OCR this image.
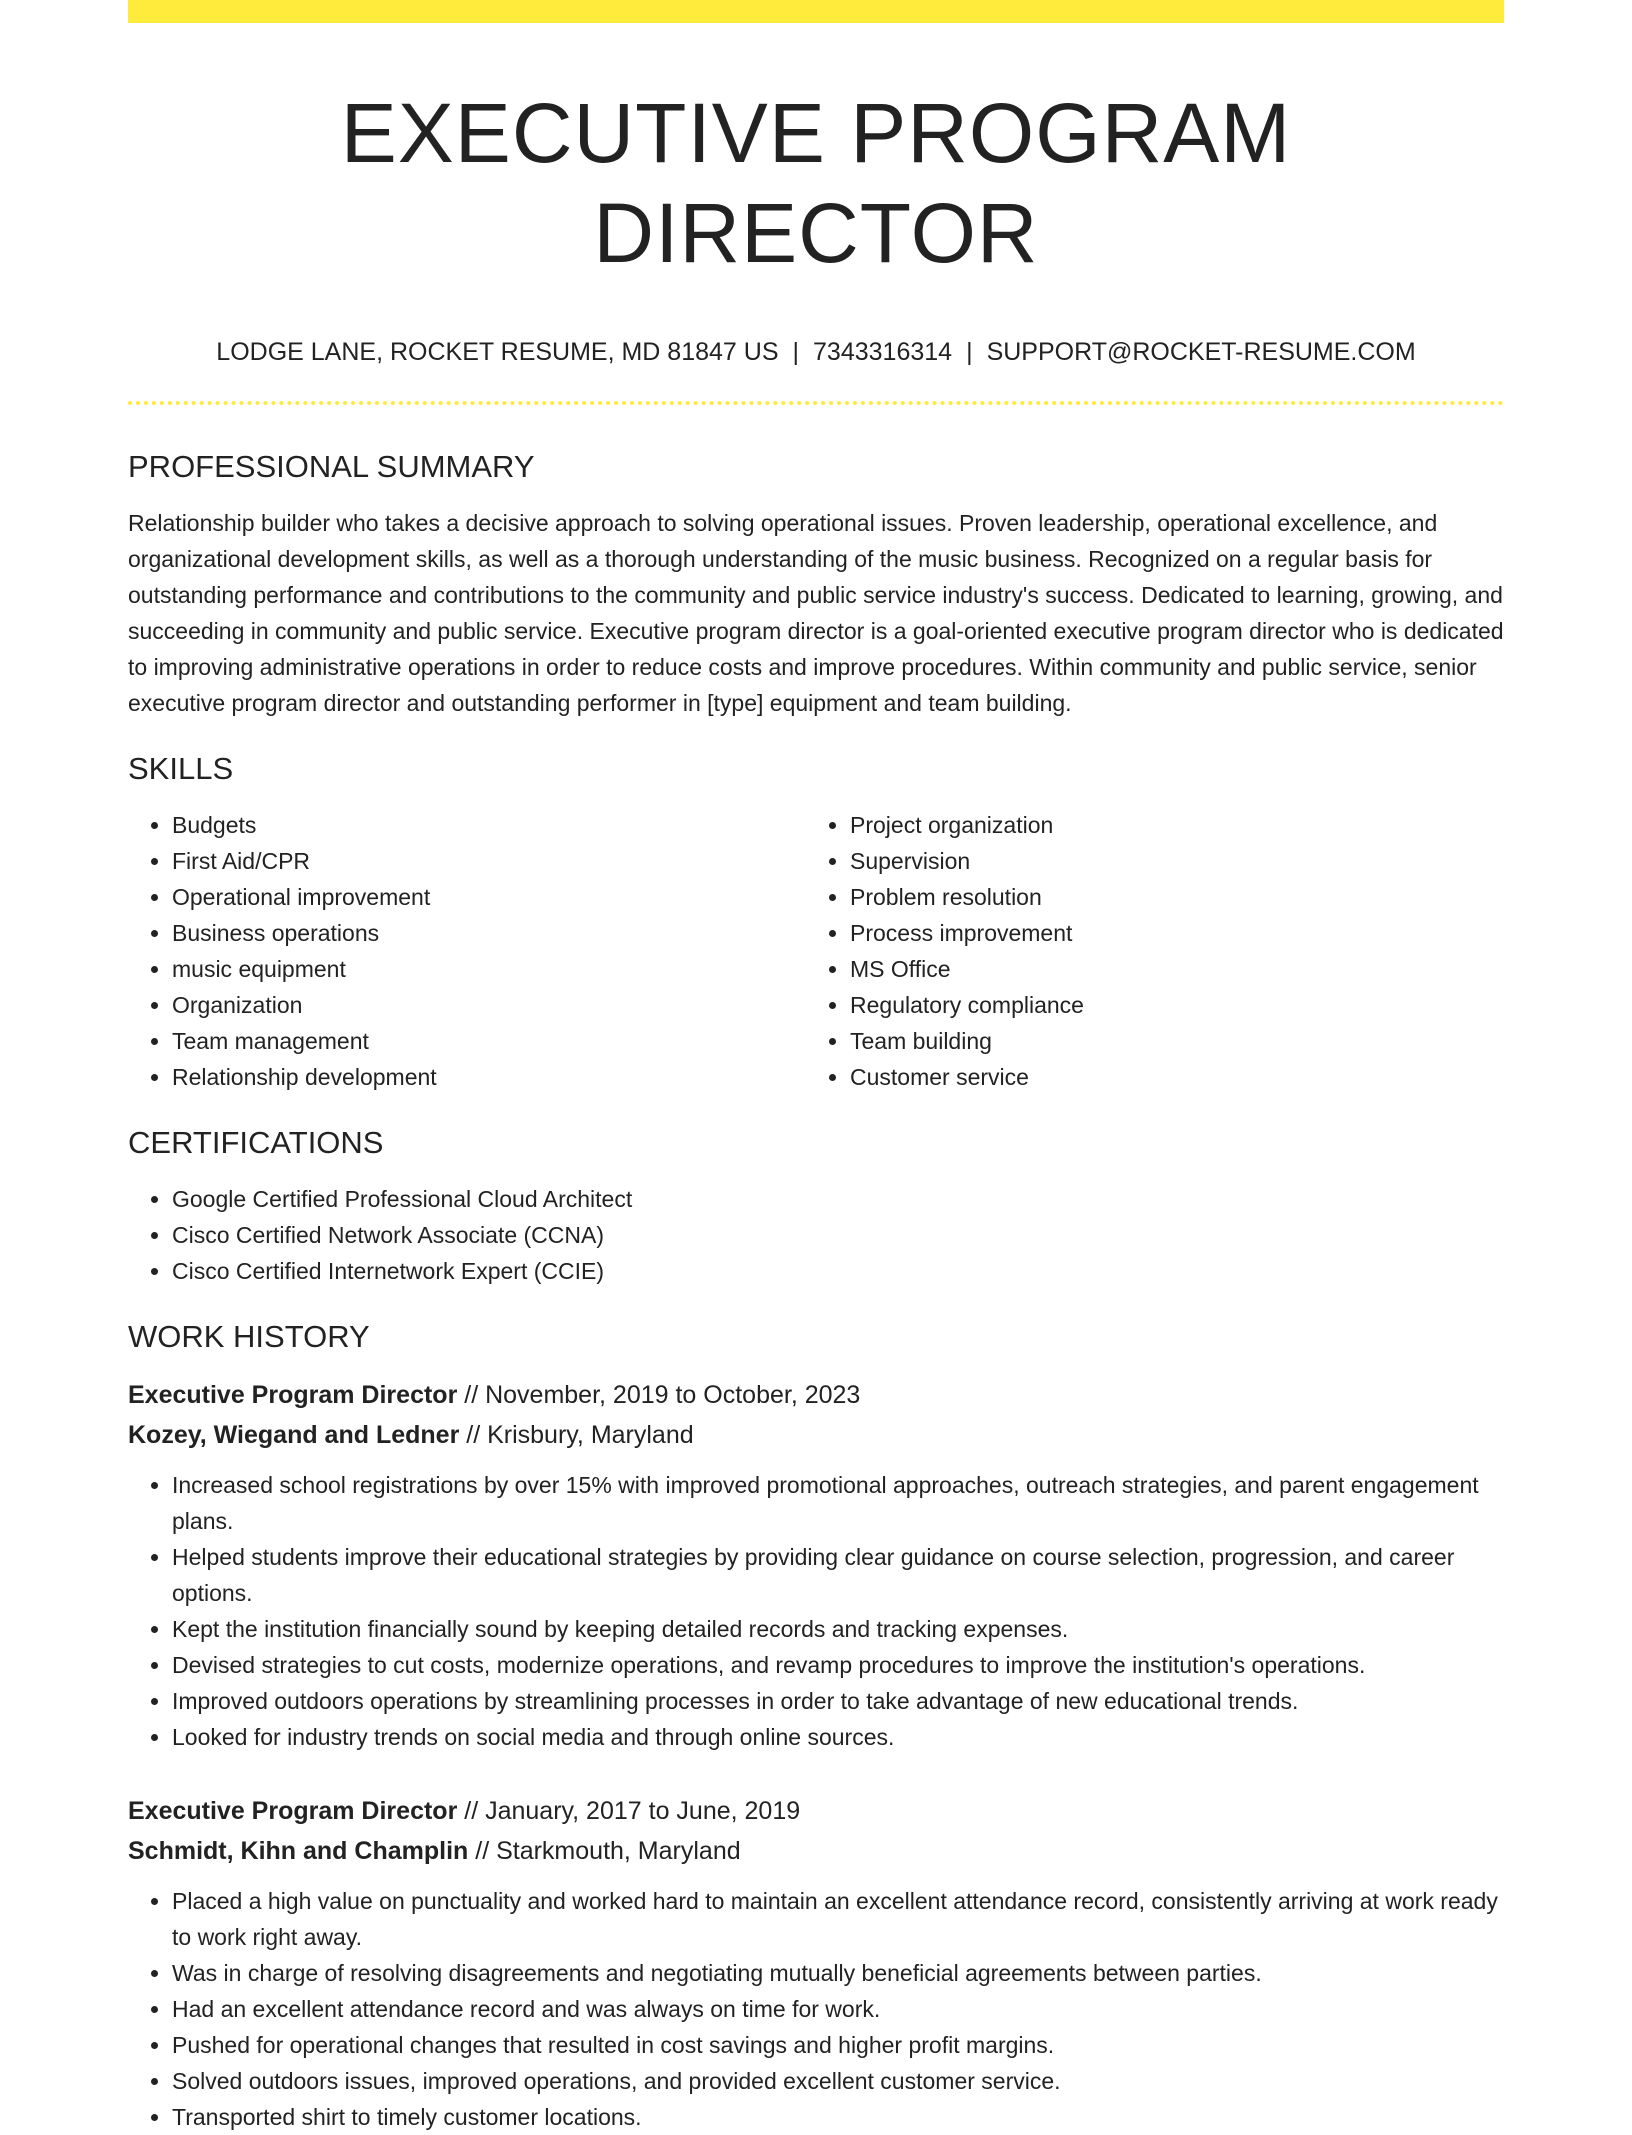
EXECUTIVE PROGRAM DIRECTOR
LODGE LANE, ROCKET RESUME, MD 81847 US | 7343316314 | SUPPORT@ROCKET-RESUME.COM
PROFESSIONAL SUMMARY

Relationship builder who takes a decisive approach to solving operational issues. Proven leadership, operational excellence, and organizational development skills, as well as a thorough understanding of the music business. Recognized on a regular basis for outstanding performance and contributions to the community and public service industry's success. Dedicated to learning, growing, and succeeding in community and public service. Executive program director is a goal-oriented executive program director who is dedicated to improving administrative operations in order to reduce costs and improve procedures. Within community and public service, senior executive program director and outstanding performer in [type] equipment and team building.

SKILLS
• Budgets
• First Aid/CPR
• Operational improvement
• Business operations
• music equipment
• Organization
• Team management
• Relationship development
• Project organization
• Supervision
• Problem resolution
• Process improvement
• MS Office
• Regulatory compliance
• Team building
• Customer service
CERTIFICATIONS
• Google Certified Professional Cloud Architect
• Cisco Certified Network Associate (CCNA)
• Cisco Certified Internetwork Expert (CCIE)
WORK HISTORY
Executive Program Director // November, 2019 to October, 2023
Kozey, Wiegand and Ledner // Krisbury, Maryland
• Increased school registrations by over 15% with improved promotional approaches, outreach strategies, and parent engagement plans.
• Helped students improve their educational strategies by providing clear guidance on course selection, progression, and career options.
• Kept the institution financially sound by keeping detailed records and tracking expenses.
• Devised strategies to cut costs, modernize operations, and revamp procedures to improve the institution's operations.
• Improved outdoors operations by streamlining processes in order to take advantage of new educational trends.
• Looked for industry trends on social media and through online sources.
Executive Program Director // January, 2017 to June, 2019
Schmidt, Kihn and Champlin // Starkmouth, Maryland
• Placed a high value on punctuality and worked hard to maintain an excellent attendance record, consistently arriving at work ready to work right away.
• Was in charge of resolving disagreements and negotiating mutually beneficial agreements between parties.
• Had an excellent attendance record and was always on time for work.
• Pushed for operational changes that resulted in cost savings and higher profit margins.
• Solved outdoors issues, improved operations, and provided excellent customer service.
• Transported shirt to timely customer locations.
